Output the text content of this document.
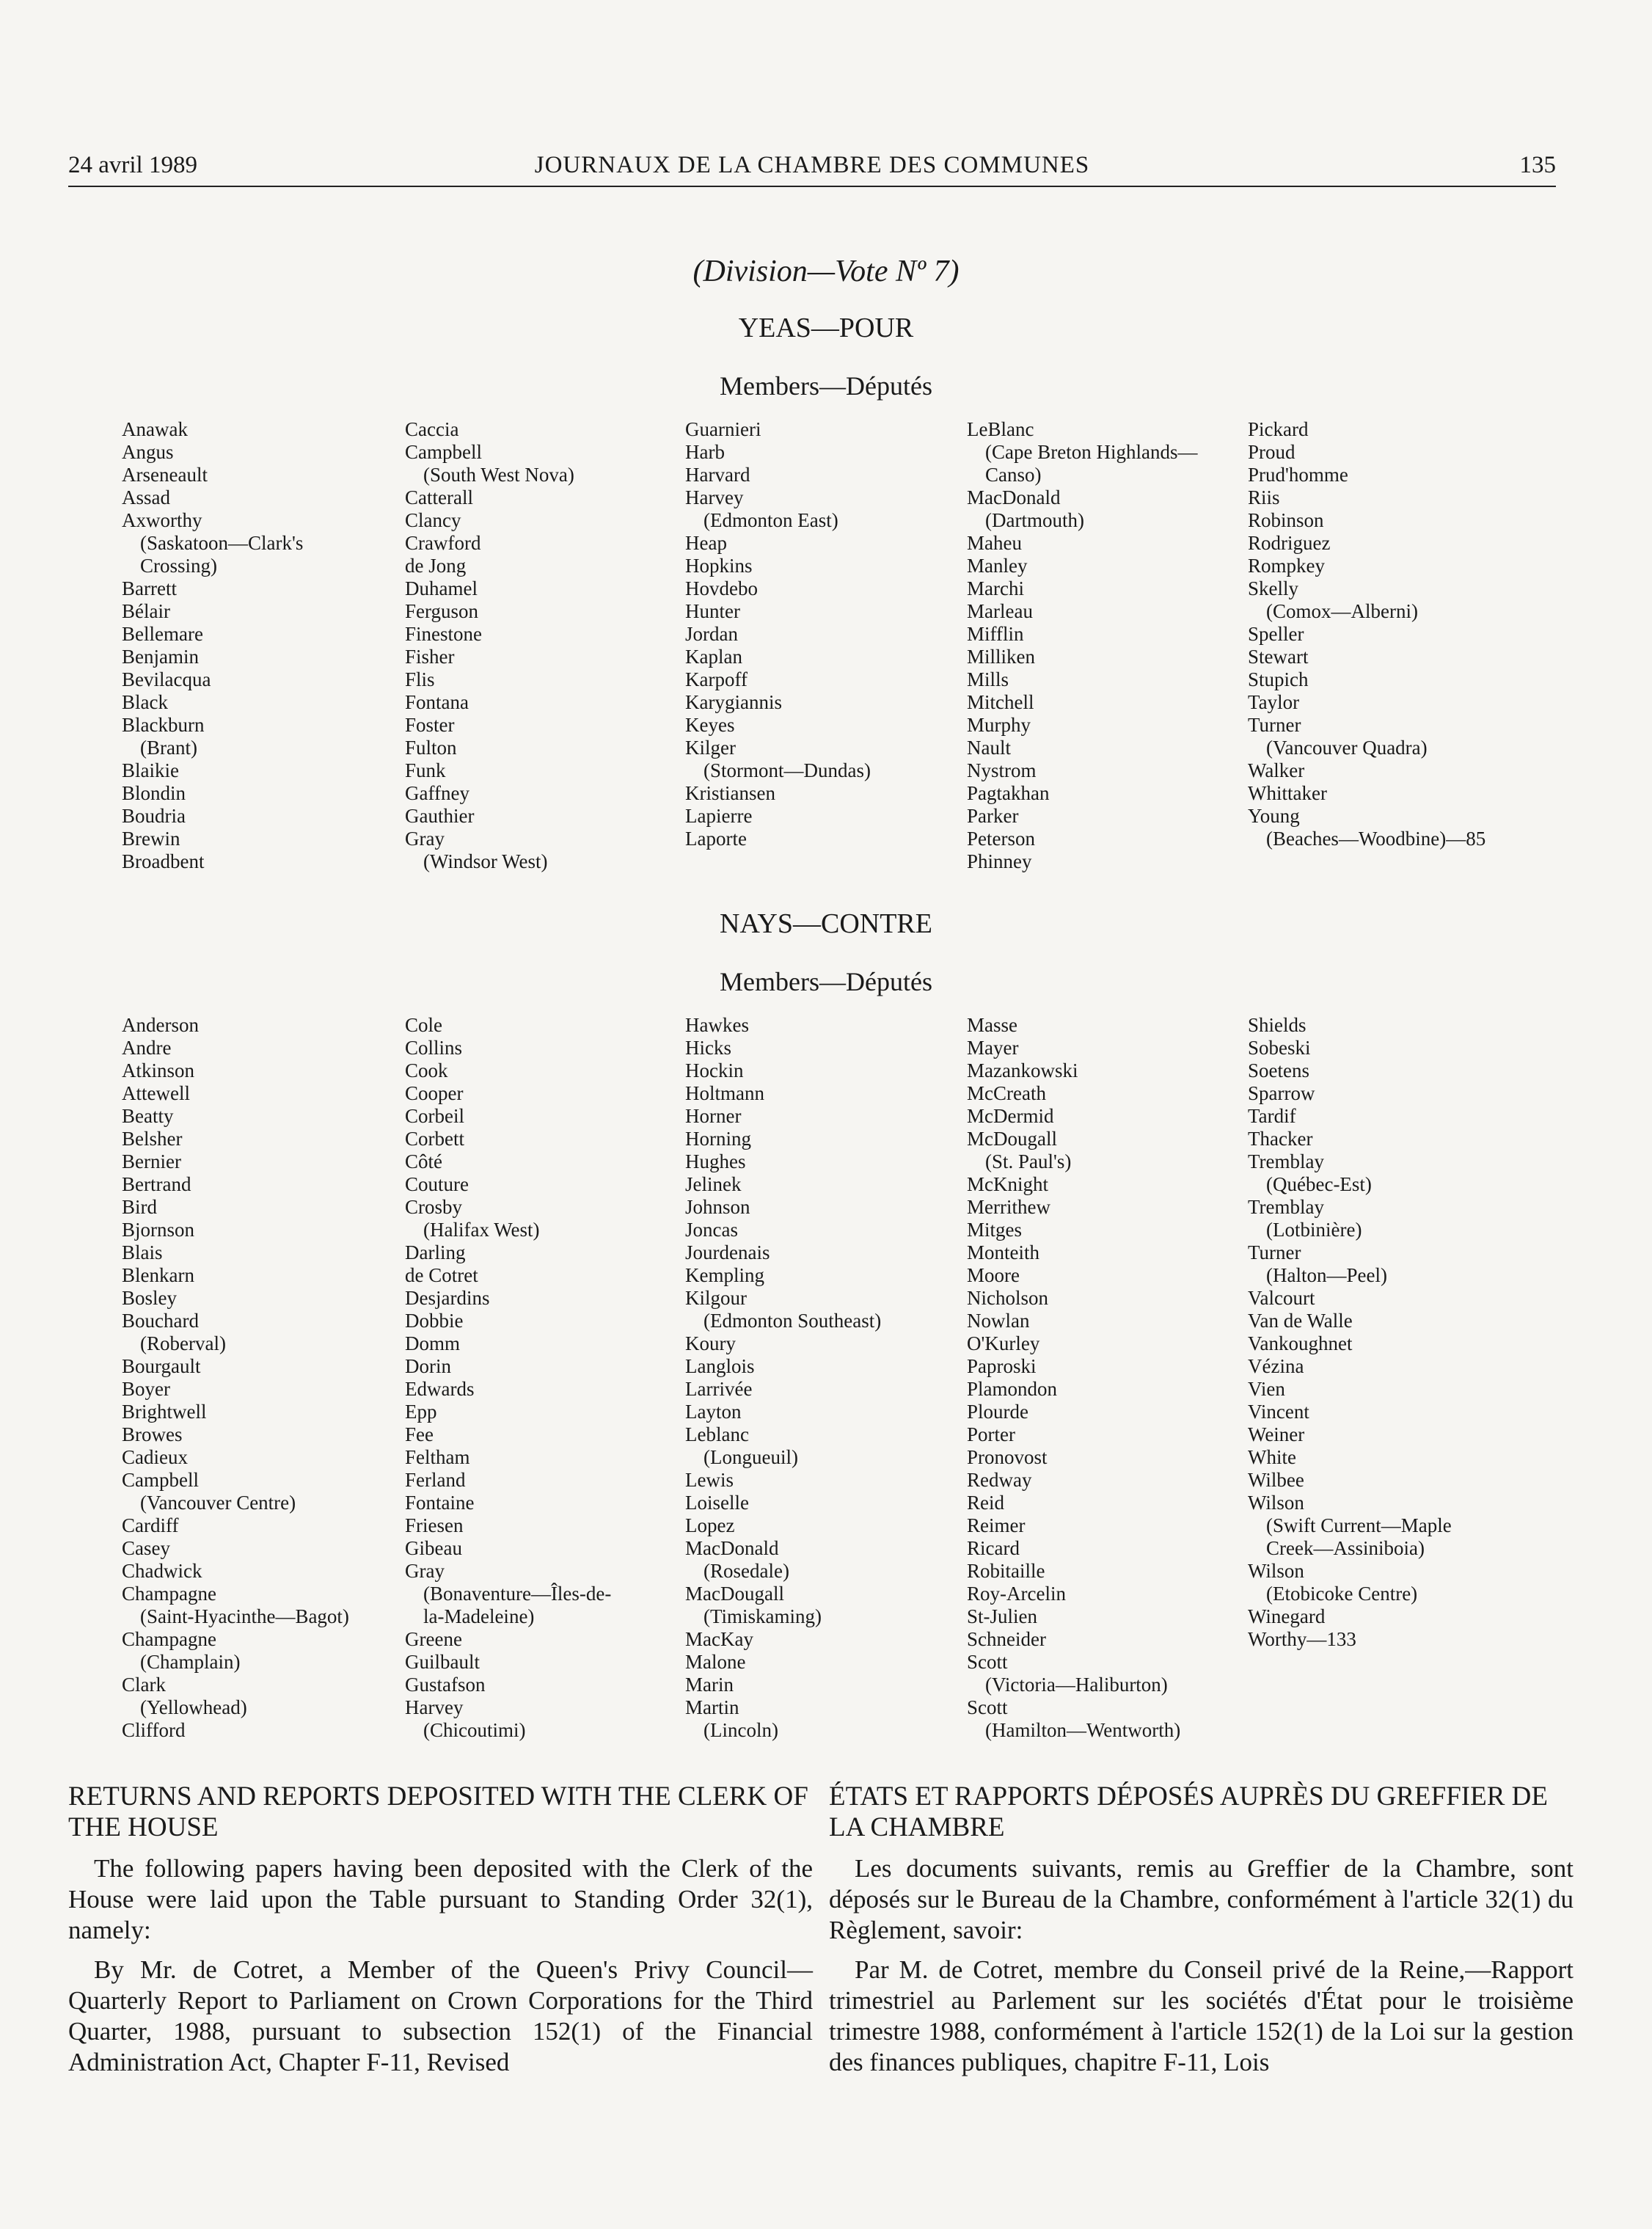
24 avril 1989	JOURNAUX DE LA CHAMBRE DES COMMUNES	135
(Division—Vote Nº 7)
YEAS—POUR
Members—Députés
Anawak
Angus
Arseneault
Assad
Axworthy
(Saskatoon—Clark's
Crossing)
Barrett
Bélair
Bellemare
Benjamin
Bevilacqua
Black
Blackburn
(Brant)
Blaikie
Blondin
Boudria
Brewin
Broadbent
Caccia
Campbell
(South West Nova)
Catterall
Clancy
Crawford
de Jong
Duhamel
Ferguson
Finestone
Fisher
Flis
Fontana
Foster
Fulton
Funk
Gaffney
Gauthier
Gray
(Windsor West)
Guarnieri
Harb
Harvard
Harvey
(Edmonton East)
Heap
Hopkins
Hovdebo
Hunter
Jordan
Kaplan
Karpoff
Karygiannis
Keyes
Kilger
(Stormont—Dundas)
Kristiansen
Lapierre
Laporte
LeBlanc
(Cape Breton Highlands—
Canso)
MacDonald
(Dartmouth)
Maheu
Manley
Marchi
Marleau
Mifflin
Milliken
Mills
Mitchell
Murphy
Nault
Nystrom
Pagtakhan
Parker
Peterson
Phinney
Pickard
Proud
Prud'homme
Riis
Robinson
Rodriguez
Rompkey
Skelly
(Comox—Alberni)
Speller
Stewart
Stupich
Taylor
Turner
(Vancouver Quadra)
Walker
Whittaker
Young
(Beaches—Woodbine)—85
NAYS—CONTRE
Members—Députés
Anderson
Andre
Atkinson
Attewell
Beatty
Belsher
Bernier
Bertrand
Bird
Bjornson
Blais
Blenkarn
Bosley
Bouchard
(Roberval)
Bourgault
Boyer
Brightwell
Browes
Cadieux
Campbell
(Vancouver Centre)
Cardiff
Casey
Chadwick
Champagne
(Saint-Hyacinthe—Bagot)
Champagne
(Champlain)
Clark
(Yellowhead)
Clifford
Cole
Collins
Cook
Cooper
Corbeil
Corbett
Côté
Couture
Crosby
(Halifax West)
Darling
de Cotret
Desjardins
Dobbie
Domm
Dorin
Edwards
Epp
Fee
Feltham
Ferland
Fontaine
Friesen
Gibeau
Gray
(Bonaventure—Îles-de-
la-Madeleine)
Greene
Guilbault
Gustafson
Harvey
(Chicoutimi)
Hawkes
Hicks
Hockin
Holtmann
Horner
Horning
Hughes
Jelinek
Johnson
Joncas
Jourdenais
Kempling
Kilgour
(Edmonton Southeast)
Koury
Langlois
Larrivée
Layton
Leblanc
(Longueuil)
Lewis
Loiselle
Lopez
MacDonald
(Rosedale)
MacDougall
(Timiskaming)
MacKay
Malone
Marin
Martin
(Lincoln)
Masse
Mayer
Mazankowski
McCreath
McDermid
McDougall
(St. Paul's)
McKnight
Merrithew
Mitges
Monteith
Moore
Nicholson
Nowlan
O'Kurley
Paproski
Plamondon
Plourde
Porter
Pronovost
Redway
Reid
Reimer
Ricard
Robitaille
Roy-Arcelin
St-Julien
Schneider
Scott
(Victoria—Haliburton)
Scott
(Hamilton—Wentworth)
Shields
Sobeski
Soetens
Sparrow
Tardif
Thacker
Tremblay
(Québec-Est)
Tremblay
(Lotbinière)
Turner
(Halton—Peel)
Valcourt
Van de Walle
Vankoughnet
Vézina
Vien
Vincent
Weiner
White
Wilbee
Wilson
(Swift Current—Maple
Creek—Assiniboia)
Wilson
(Etobicoke Centre)
Winegard
Worthy—133
RETURNS AND REPORTS DEPOSITED WITH THE CLERK OF THE HOUSE

The following papers having been deposited with the Clerk of the House were laid upon the Table pursuant to Standing Order 32(1), namely:

By Mr. de Cotret, a Member of the Queen's Privy Council—Quarterly Report to Parliament on Crown Corporations for the Third Quarter, 1988, pursuant to subsection 152(1) of the Financial Administration Act, Chapter F-11, Revised

ÉTATS ET RAPPORTS DÉPOSÉS AUPRÈS DU GREFFIER DE LA CHAMBRE

Les documents suivants, remis au Greffier de la Chambre, sont déposés sur le Bureau de la Chambre, conformément à l'article 32(1) du Règlement, savoir:

Par M. de Cotret, membre du Conseil privé de la Reine,—Rapport trimestriel au Parlement sur les sociétés d'État pour le troisième trimestre 1988, conformément à l'article 152(1) de la Loi sur la gestion des finances publiques, chapitre F-11, Lois
